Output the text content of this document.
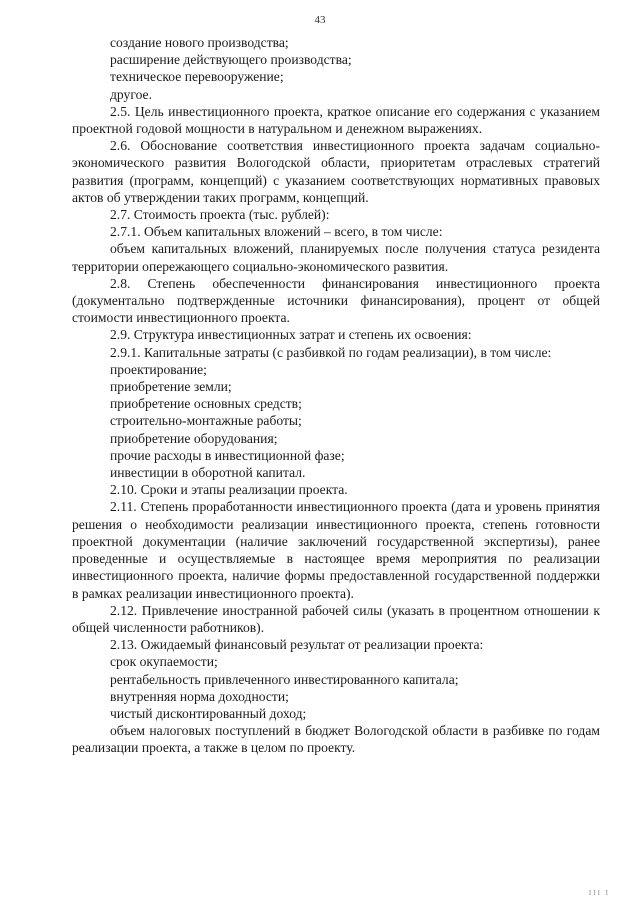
43

создание нового производства;

расширение действующего производства;

техническое перевооружение;

другое.

2.5. Цель инвестиционного проекта, краткое описание его содержания с указанием проектной годовой мощности в натуральном и денежном выражениях.

2.6. Обоснование соответствия инвестиционного проекта задачам социально-экономического развития Вологодской области, приоритетам отраслевых стратегий развития (программ, концепций) с указанием соответствующих нормативных правовых актов об утверждении таких программ, концепций.

2.7. Стоимость проекта (тыс. рублей):

2.7.1. Объем капитальных вложений – всего, в том числе:

объем капитальных вложений, планируемых после получения статуса резидента территории опережающего социально-экономического развития.

2.8. Степень обеспеченности финансирования инвестиционного проекта (документально подтвержденные источники финансирования), процент от общей стоимости инвестиционного проекта.

2.9. Структура инвестиционных затрат и степень их освоения:

2.9.1. Капитальные затраты (с разбивкой по годам реализации), в том числе:

проектирование;

приобретение земли;

приобретение основных средств;

строительно-монтажные работы;

приобретение оборудования;

прочие расходы в инвестиционной фазе;

инвестиции в оборотной капитал.

2.10. Сроки и этапы реализации проекта.

2.11. Степень проработанности инвестиционного проекта (дата и уровень принятия решения о необходимости реализации инвестиционного проекта, степень готовности проектной документации (наличие заключений государственной экспертизы), ранее проведенные и осуществляемые в настоящее время мероприятия по реализации инвестиционного проекта, наличие формы предоставленной государственной поддержки в рамках реализации инвестиционного проекта).

2.12. Привлечение иностранной рабочей силы (указать в процентном отношении к общей численности работников).

2.13. Ожидаемый финансовый результат от реализации проекта:

срок окупаемости;

рентабельность привлеченного инвестированного капитала;

внутренняя норма доходности;

чистый дисконтированный доход;

объем налоговых поступлений в бюджет Вологодской области в разбивке по годам реализации проекта, а также в целом по проекту.

III I
